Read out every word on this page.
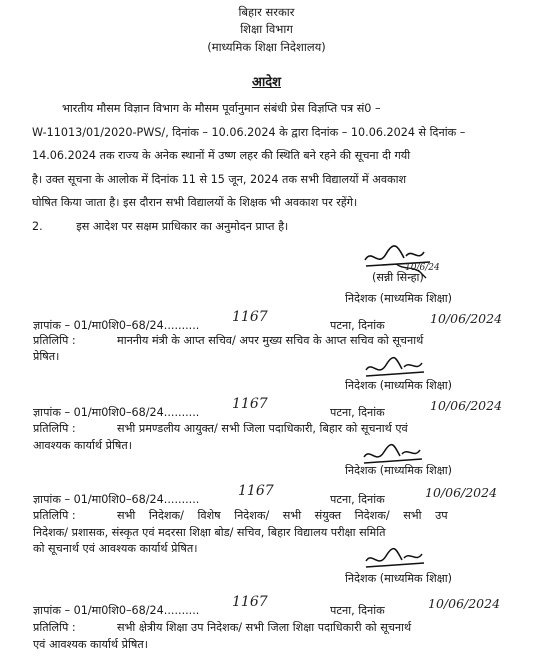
बिहार सरकार
शिक्षा विभाग
(माध्यमिक शिक्षा निदेशालय)
आदेश
भारतीय मौसम विज्ञान विभाग के मौसम पूर्वानुमान संबंधी प्रेस विज्ञप्ति पत्र सं0 –
W-11013/01/2020-PWS/, दिनांक – 10.06.2024 के द्वारा दिनांक – 10.06.2024 से दिनांक –
14.06.2024 तक राज्य के अनेक स्थानों में उष्ण लहर की स्थिति बने रहने की सूचना दी गयी
है। उक्त सूचना के आलोक में दिनांक 11 से 15 जून, 2024 तक सभी विद्यालयों में अवकाश
घोषित किया जाता है। इस दौरान सभी विद्यालयों के शिक्षक भी अवकाश पर रहेंगे।
2.	इस आदेश पर सक्षम प्राधिकार का अनुमोदन प्राप्त है।
10/6/24
(सन्नी सिन्हा)
निदेशक (माध्यमिक शिक्षा)
ज्ञापांक – 01/मा0शि0–68/24..........
1167
पटना, दिनांक	10/06/2024
प्रतिलिपि :	माननीय मंत्री के आप्त सचिव/ अपर मुख्य सचिव के आप्त सचिव को सूचनार्थ
प्रेषित।
निदेशक (माध्यमिक शिक्षा)
ज्ञापांक – 01/मा0शि0–68/24..........
1167
पटना, दिनांक	10/06/2024
प्रतिलिपि :	सभी प्रमण्डलीय आयुक्त/ सभी जिला पदाधिकारी, बिहार को सूचनार्थ एवं
आवश्यक कार्यार्थ प्रेषित।
निदेशक (माध्यमिक शिक्षा)
ज्ञापांक – 01/मा0शि0–68/24..........
1167
पटना, दिनांक	10/06/2024
प्रतिलिपि :	सभी निदेशक/ विशेष निदेशक/ सभी संयुक्त निदेशक/ सभी उप
निदेशक/ प्रशासक, संस्कृत एवं मदरसा शिक्षा बोड/ सचिव, बिहार विद्यालय परीक्षा समिति
को सूचनार्थ एवं आवश्यक कार्यार्थ प्रेषित।
निदेशक (माध्यमिक शिक्षा)
ज्ञापांक – 01/मा0शि0–68/24..........
1167
पटना, दिनांक	10/06/2024
प्रतिलिपि :	सभी क्षेत्रीय शिक्षा उप निदेशक/ सभी जिला शिक्षा पदाधिकारी को सूचनार्थ
एवं आवश्यक कार्यार्थ प्रेषित।
